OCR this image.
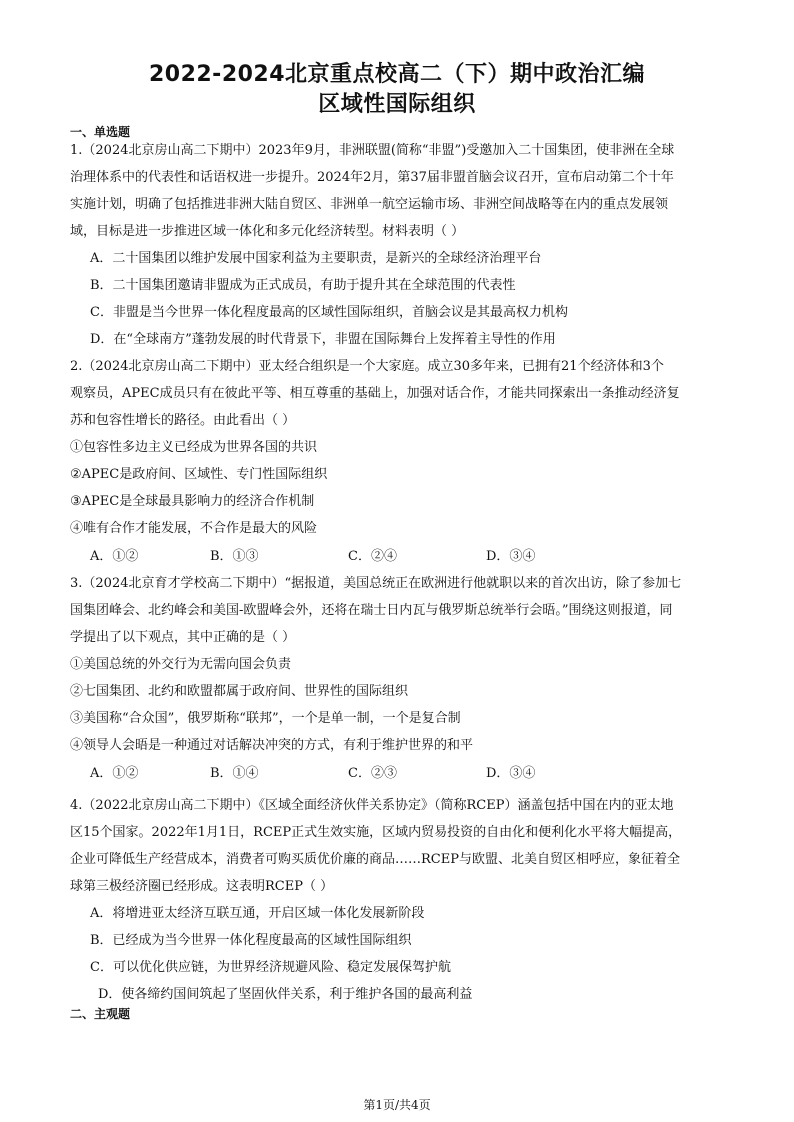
2022-2024北京重点校高二（下）期中政治汇编
区域性国际组织
一、单选题
1.（2024北京房山高二下期中）2023年9月，非洲联盟(简称“非盟”)受邀加入二十国集团，使非洲在全球
治理体系中的代表性和话语权进一步提升。2024年2月，第37届非盟首脑会议召开，宣布启动第二个十年
实施计划，明确了包括推进非洲大陆自贸区、非洲单一航空运输市场、非洲空间战略等在内的重点发展领
域，目标是进一步推进区域一体化和多元化经济转型。材料表明（ ）
A．二十国集团以维护发展中国家利益为主要职责，是新兴的全球经济治理平台
B．二十国集团邀请非盟成为正式成员，有助于提升其在全球范围的代表性
C．非盟是当今世界一体化程度最高的区域性国际组织，首脑会议是其最高权力机构
D．在“全球南方”蓬勃发展的时代背景下，非盟在国际舞台上发挥着主导性的作用
2.（2024北京房山高二下期中）亚太经合组织是一个大家庭。成立30多年来，已拥有21个经济体和3个
观察员，APEC成员只有在彼此平等、相互尊重的基础上，加强对话合作，才能共同探索出一条推动经济复
苏和包容性增长的路径。由此看出（ ）
①包容性多边主义已经成为世界各国的共识
②APEC是政府间、区域性、专门性国际组织
③APEC是全球最具影响力的经济合作机制
④唯有合作才能发展，不合作是最大的风险
A．①②	B．①③	C．②④	D．③④
3.（2024北京育才学校高二下期中）“据报道，美国总统正在欧洲进行他就职以来的首次出访，除了参加七
国集团峰会、北约峰会和美国-欧盟峰会外，还将在瑞士日内瓦与俄罗斯总统举行会晤。”围绕这则报道，同
学提出了以下观点，其中正确的是（ ）
①美国总统的外交行为无需向国会负责
②七国集团、北约和欧盟都属于政府间、世界性的国际组织
③美国称“合众国”，俄罗斯称“联邦”，一个是单一制，一个是复合制
④领导人会晤是一种通过对话解决冲突的方式，有利于维护世界的和平
A．①②	B．①④	C．②③	D．③④
4.（2022北京房山高二下期中）《区域全面经济伙伴关系协定》（简称RCEP）涵盖包括中国在内的亚太地
区15个国家。2022年1月1日，RCEP正式生效实施，区域内贸易投资的自由化和便利化水平将大幅提高，
企业可降低生产经营成本，消费者可购买质优价廉的商品……RCEP与欧盟、北美自贸区相呼应，象征着全
球第三极经济圈已经形成。这表明RCEP（ ）
A．将增进亚太经济互联互通，开启区域一体化发展新阶段
B．已经成为当今世界一体化程度最高的区域性国际组织
C．可以优化供应链，为世界经济规避风险、稳定发展保驾护航
D．使各缔约国间筑起了坚固伙伴关系，利于维护各国的最高利益
二、主观题
第1页/共4页
